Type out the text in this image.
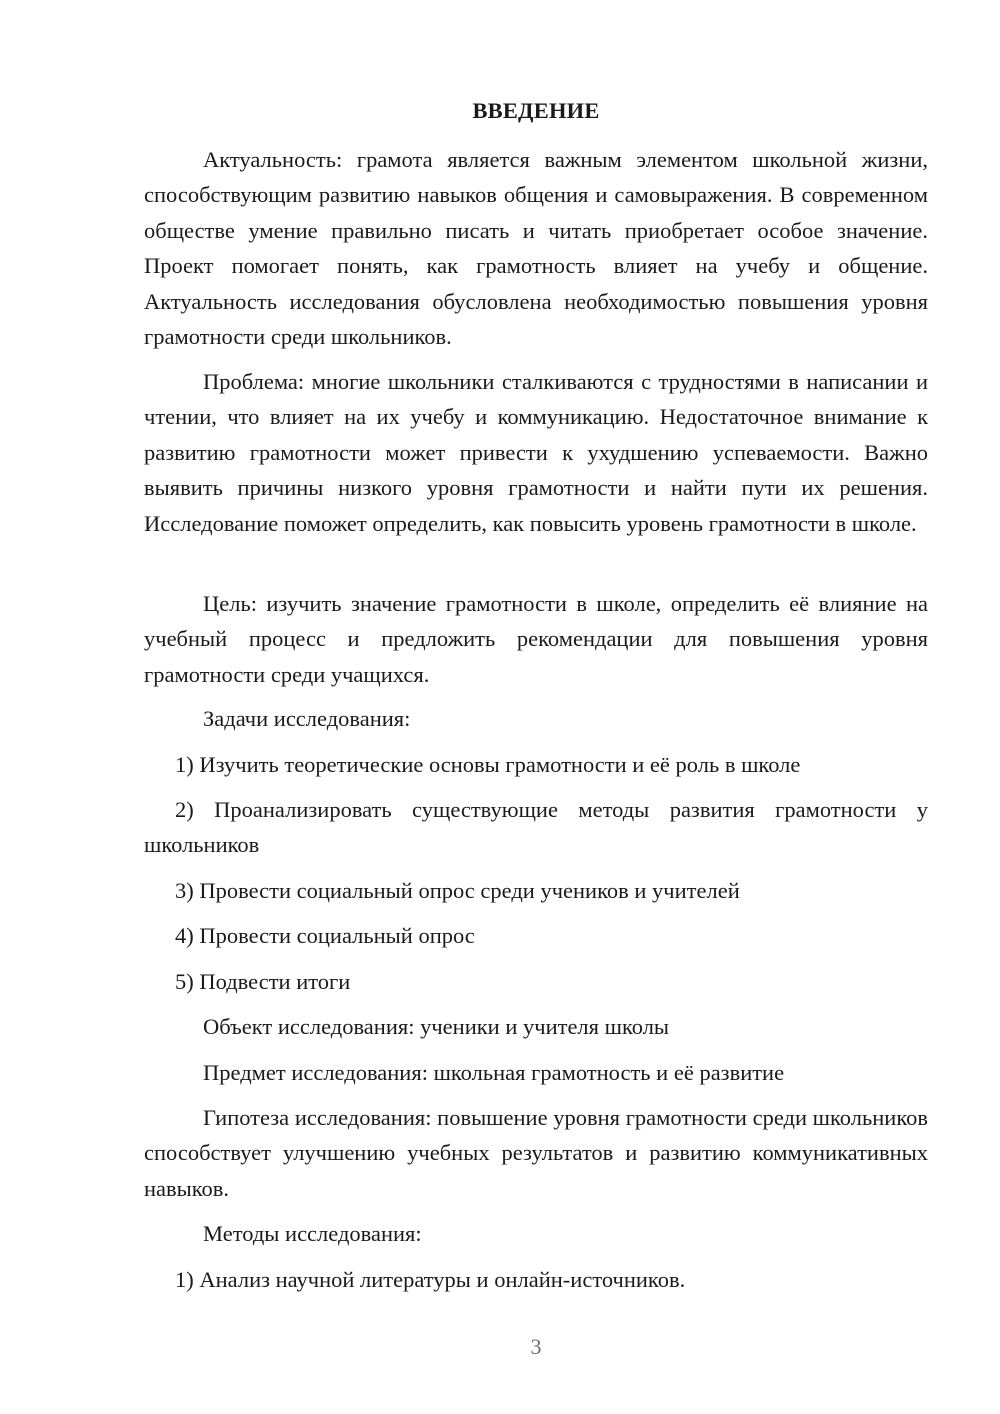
ВВЕДЕНИЕ
Актуальность: грамота является важным элементом школьной жизни, способствующим развитию навыков общения и самовыражения. В современном обществе умение правильно писать и читать приобретает особое значение. Проект помогает понять, как грамотность влияет на учебу и общение. Актуальность исследования обусловлена необходимостью повышения уровня грамотности среди школьников.
Проблема: многие школьники сталкиваются с трудностями в написании и чтении, что влияет на их учебу и коммуникацию. Недостаточное внимание к развитию грамотности может привести к ухудшению успеваемости. Важно выявить причины низкого уровня грамотности и найти пути их решения. Исследование поможет определить, как повысить уровень грамотности в школе.
Цель: изучить значение грамотности в школе, определить её влияние на учебный процесс и предложить рекомендации для повышения уровня грамотности среди учащихся.
Задачи исследования:
1) Изучить теоретические основы грамотности и её роль в школе
2) Проанализировать существующие методы развития грамотности у школьников
3) Провести социальный опрос среди учеников и учителей
4) Провести социальный опрос
5) Подвести итоги
Объект исследования: ученики и учителя школы
Предмет исследования: школьная грамотность и её развитие
Гипотеза исследования: повышение уровня грамотности среди школьников способствует улучшению учебных результатов и развитию коммуникативных навыков.
Методы исследования:
1) Анализ научной литературы и онлайн-источников.
3
